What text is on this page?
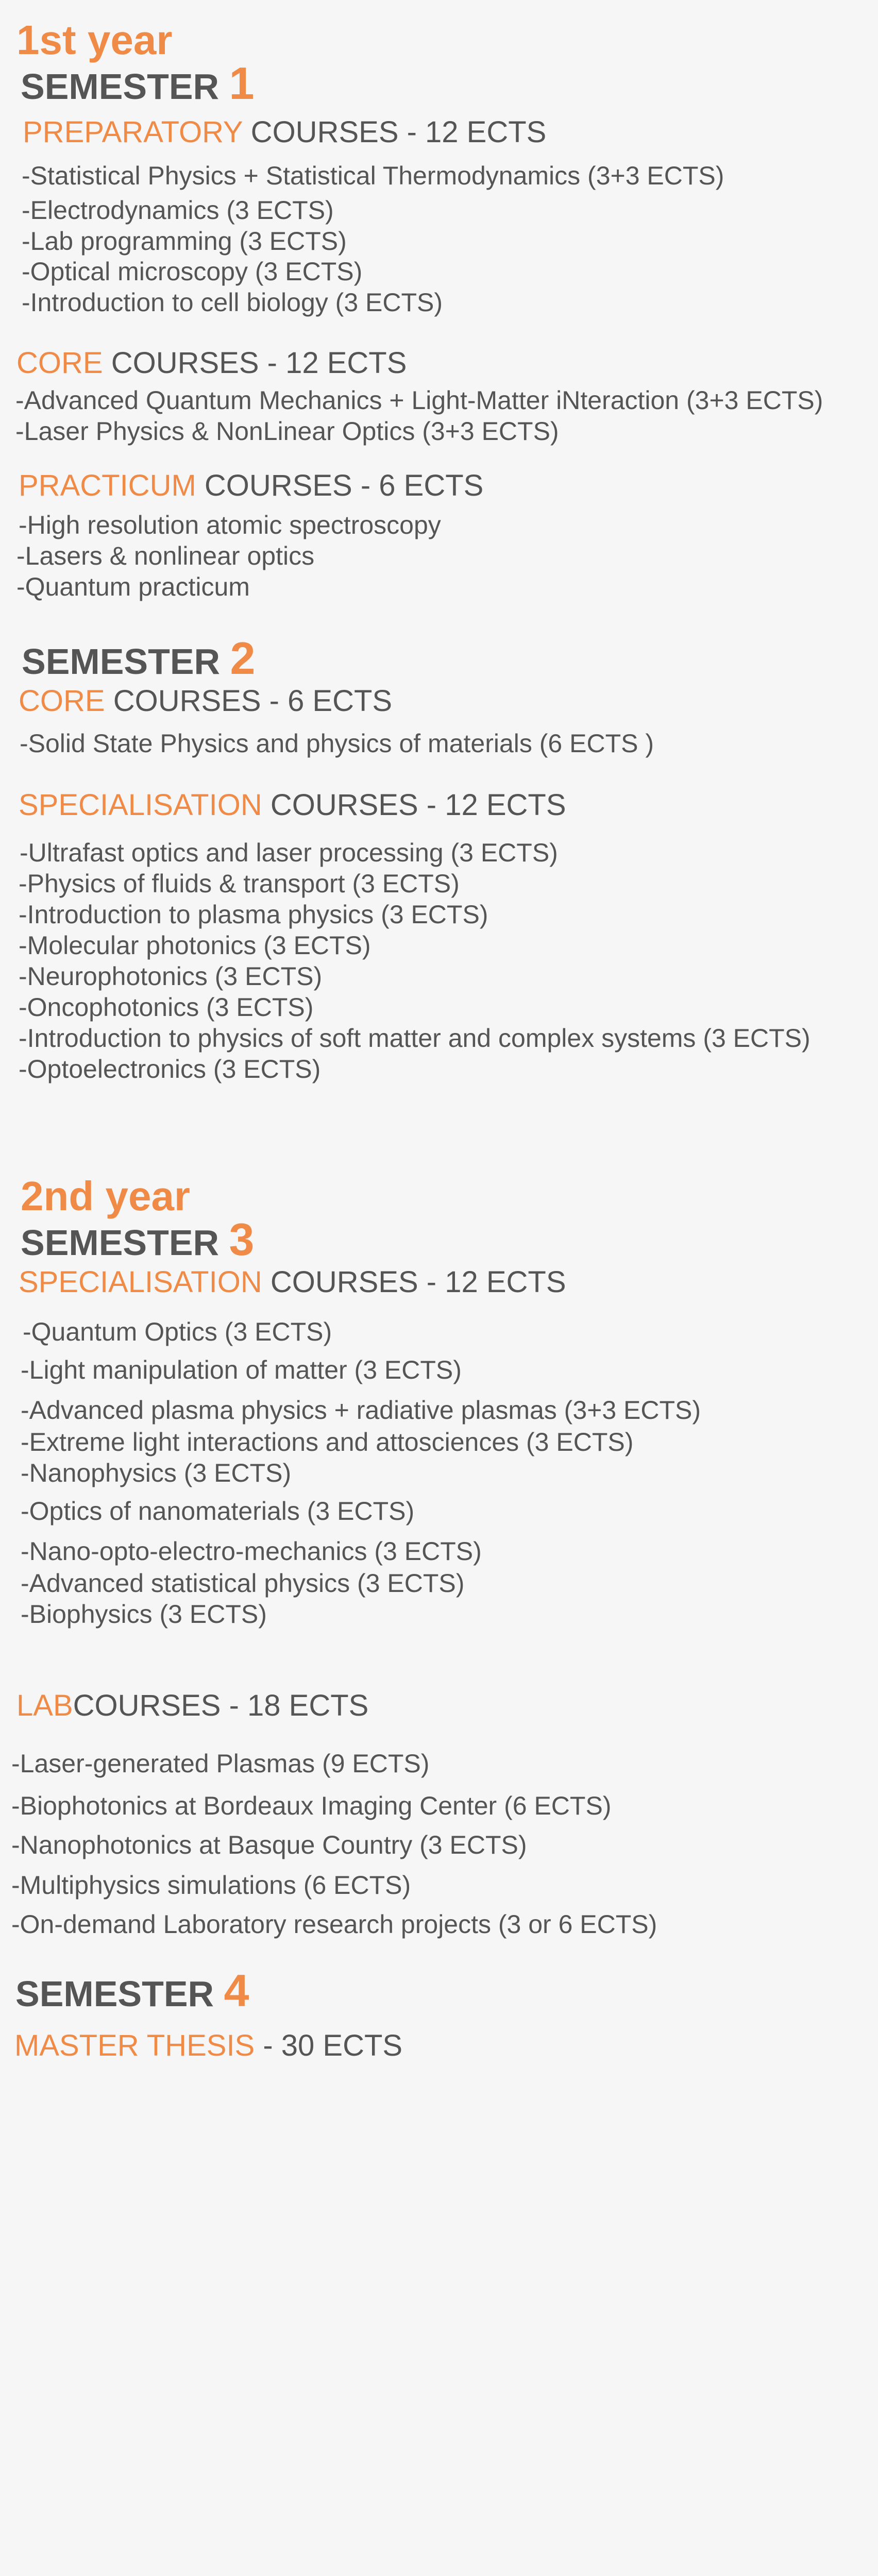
1st year
SEMESTER 1
PREPARATORY COURSES - 12 ECTS
-Statistical Physics + Statistical Thermodynamics (3+3 ECTS)
-Electrodynamics (3 ECTS)
-Lab programming (3 ECTS)
-Optical microscopy (3 ECTS)
-Introduction to cell biology (3 ECTS)
CORE COURSES - 12 ECTS
-Advanced Quantum Mechanics + Light-Matter iNteraction (3+3 ECTS)
-Laser Physics & NonLinear Optics (3+3 ECTS)
PRACTICUM COURSES - 6 ECTS
-High resolution atomic spectroscopy
-Lasers & nonlinear optics
-Quantum practicum
SEMESTER 2
CORE COURSES - 6 ECTS
-Solid State Physics and physics of materials (6 ECTS )
SPECIALISATION COURSES - 12 ECTS
-Ultrafast optics and laser processing (3 ECTS)
-Physics of fluids & transport (3 ECTS)
-Introduction to plasma physics (3 ECTS)
-Molecular photonics (3 ECTS)
-Neurophotonics (3 ECTS)
-Oncophotonics (3 ECTS)
-Introduction to physics of soft matter and complex systems (3 ECTS)
-Optoelectronics (3 ECTS)
2nd year
SEMESTER 3
SPECIALISATION COURSES - 12 ECTS
-Quantum Optics (3 ECTS)
-Light manipulation of matter (3 ECTS)
-Advanced plasma physics + radiative plasmas (3+3 ECTS)
-Extreme light interactions and attosciences (3 ECTS)
-Nanophysics (3 ECTS)
-Optics of nanomaterials (3 ECTS)
-Nano-opto-electro-mechanics (3 ECTS)
-Advanced statistical physics (3 ECTS)
-Biophysics (3 ECTS)
LABCOURSES - 18 ECTS
-Laser-generated Plasmas (9 ECTS)
-Biophotonics at Bordeaux Imaging Center (6 ECTS)
-Nanophotonics at Basque Country (3 ECTS)
-Multiphysics simulations (6 ECTS)
-On-demand Laboratory research projects (3 or 6 ECTS)
SEMESTER 4
MASTER THESIS - 30 ECTS
